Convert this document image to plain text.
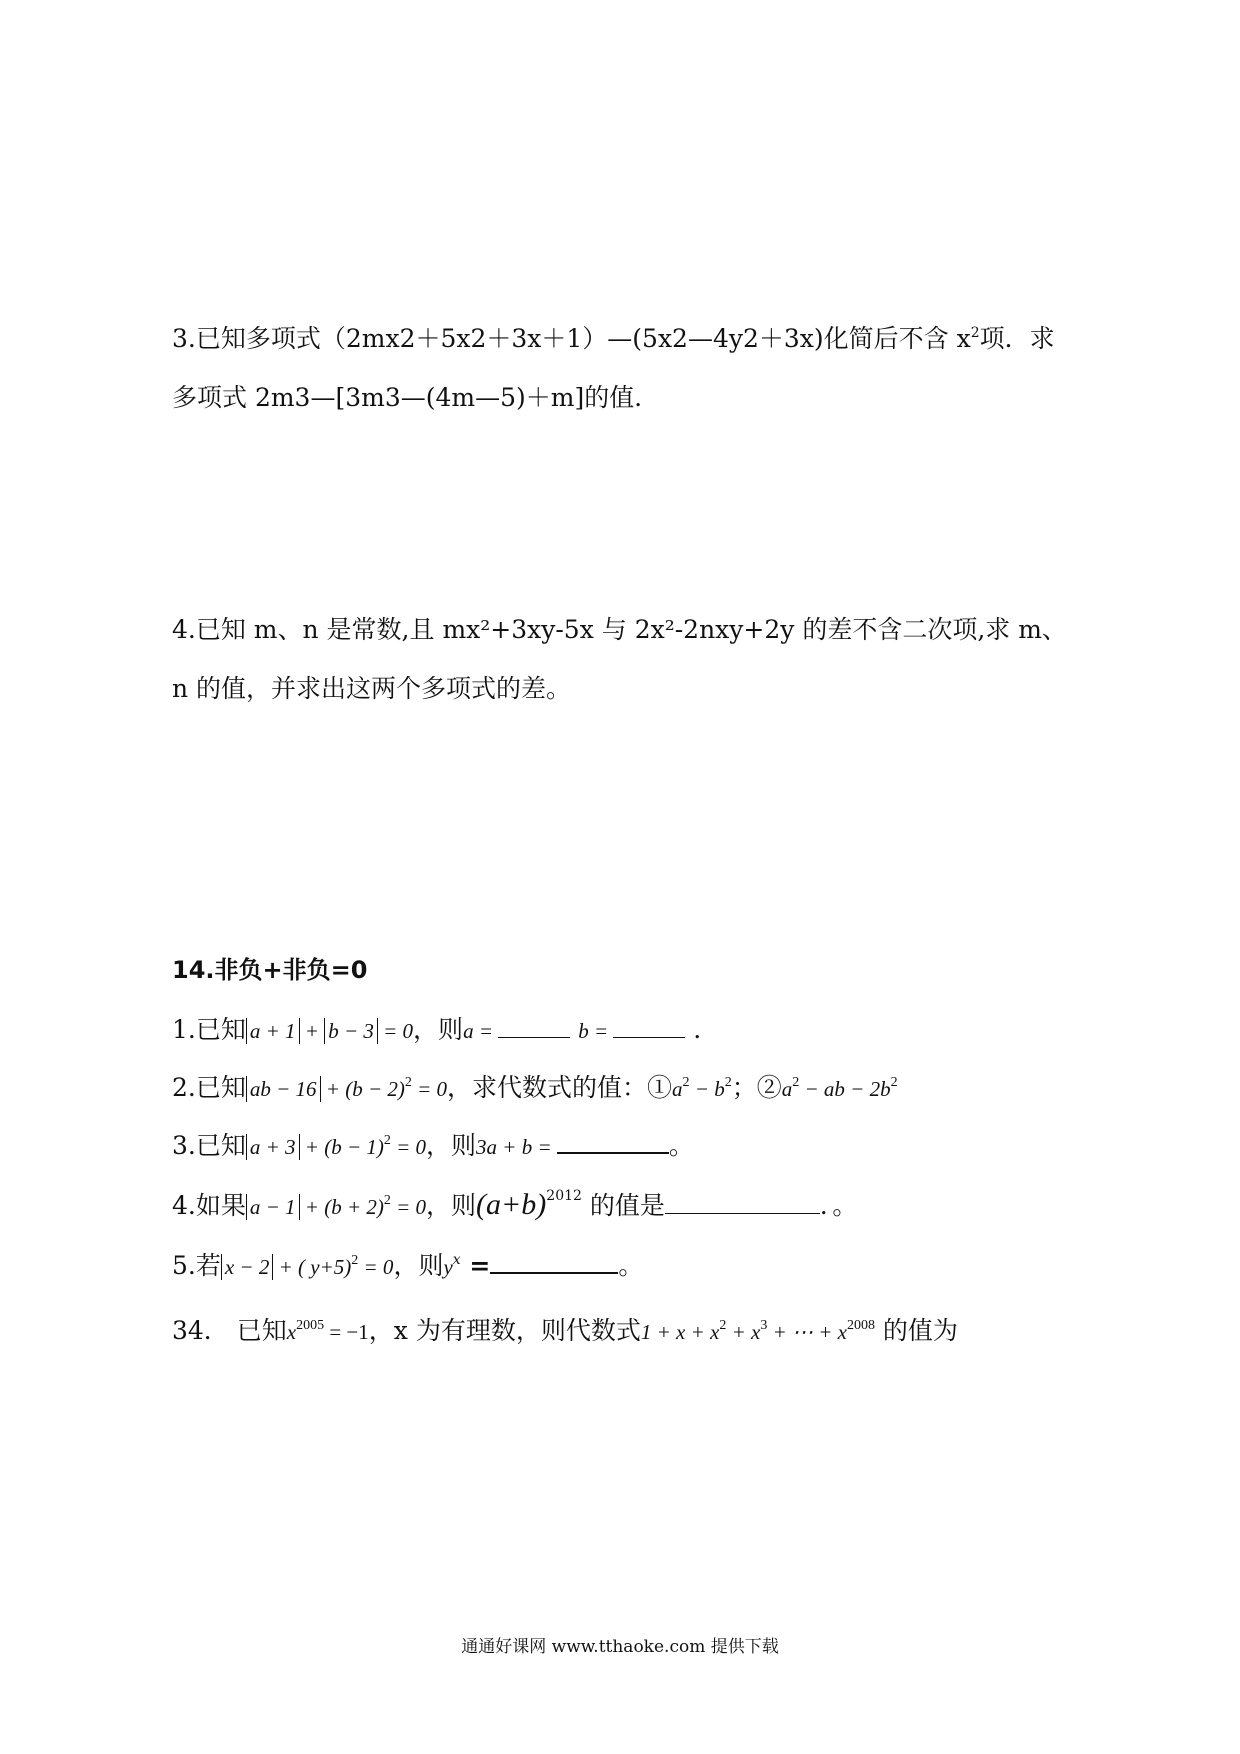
3.已知多项式（2mx2＋5x2＋3x＋1）—(5x2—4y2＋3x)化简后不含 $x^2$项．求
多项式 2m3—[3m3—(4m—5)＋m]的值．
4.已知 m、n 是常数,且 mx²+3xy-5x 与 2x²-2nxy+2y 的差不含二次项,求 m、
n 的值，并求出这两个多项式的差。
14.非负+非负=0
1.已知 a + 1 + b − 3 = 0，则a =	b =	.
2.已知 ab − $16 + (b - 2)^2 = 0$，求代数式的值：$①a^2 - b^2$；$②a^2$ − ab − $2b^2$
3.已知 $a + 3 + (b - 1)^2 = 0$，则3a + b =	。
4.如果 $a - 1 + (b + 2)^2 = 0$，则$(a+b)^{2012}$ 的值是	．。
5.若 x − 2 + ( y+5)$^2$ = 0，则$y^x$ =	。
34． 已知$x^{2005} = -1$，x 为有理数，则代数式$1 + x + x^2 + x^3$ + ⋯ + $x^{2008}$ 的值为
通通好课网 www.tthaoke.com 提供下载
